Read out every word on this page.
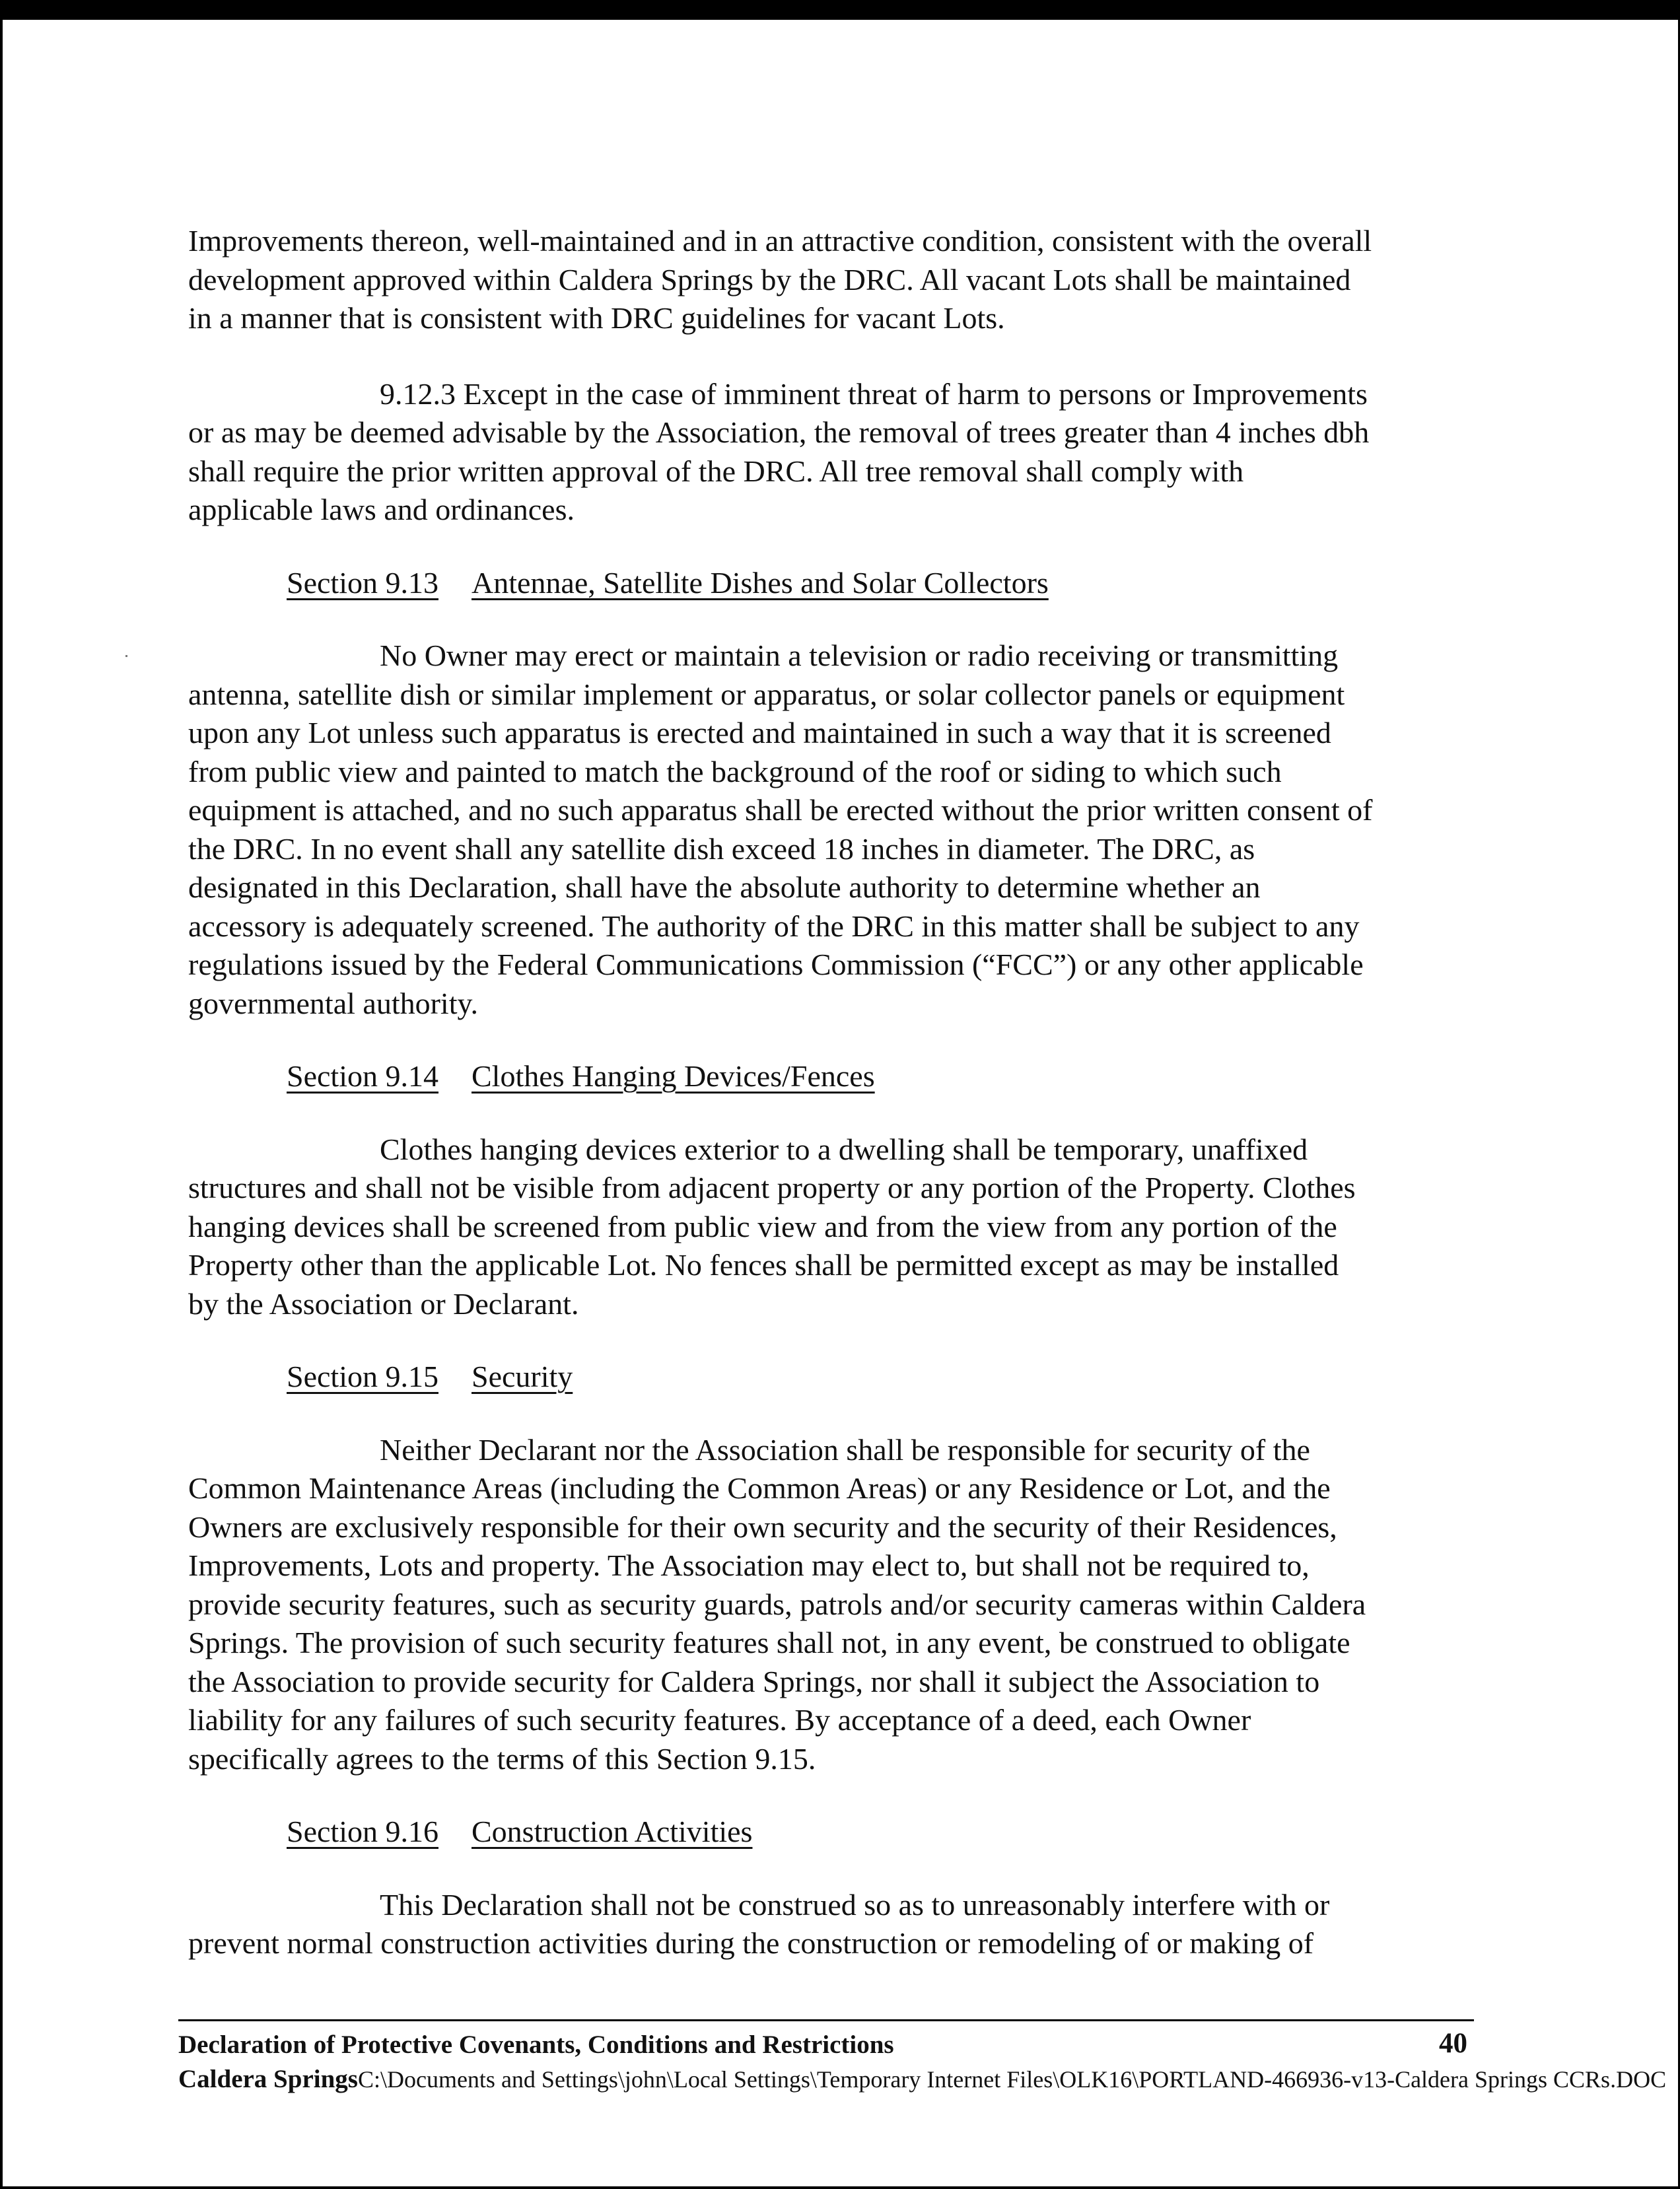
Improvements thereon, well-maintained and in an attractive condition, consistent with the overall
development approved within Caldera Springs by the DRC. All vacant Lots shall be maintained
in a manner that is consistent with DRC guidelines for vacant Lots.

9.12.3 Except in the case of imminent threat of harm to persons or Improvements
or as may be deemed advisable by the Association, the removal of trees greater than 4 inches dbh
shall require the prior written approval of the DRC. All tree removal shall comply with
applicable laws and ordinances.

Section 9.13 Antennae, Satellite Dishes and Solar Collectors

No Owner may erect or maintain a television or radio receiving or transmitting
antenna, satellite dish or similar implement or apparatus, or solar collector panels or equipment
upon any Lot unless such apparatus is erected and maintained in such a way that it is screened
from public view and painted to match the background of the roof or siding to which such
equipment is attached, and no such apparatus shall be erected without the prior written consent of
the DRC. In no event shall any satellite dish exceed 18 inches in diameter. The DRC, as
designated in this Declaration, shall have the absolute authority to determine whether an
accessory is adequately screened. The authority of the DRC in this matter shall be subject to any
regulations issued by the Federal Communications Commission (“FCC”) or any other applicable
governmental authority.

Section 9.14 Clothes Hanging Devices/Fences

Clothes hanging devices exterior to a dwelling shall be temporary, unaffixed
structures and shall not be visible from adjacent property or any portion of the Property. Clothes
hanging devices shall be screened from public view and from the view from any portion of the
Property other than the applicable Lot. No fences shall be permitted except as may be installed
by the Association or Declarant.

Section 9.15 Security

Neither Declarant nor the Association shall be responsible for security of the
Common Maintenance Areas (including the Common Areas) or any Residence or Lot, and the
Owners are exclusively responsible for their own security and the security of their Residences,
Improvements, Lots and property. The Association may elect to, but shall not be required to,
provide security features, such as security guards, patrols and/or security cameras within Caldera
Springs. The provision of such security features shall not, in any event, be construed to obligate
the Association to provide security for Caldera Springs, nor shall it subject the Association to
liability for any failures of such security features. By acceptance of a deed, each Owner
specifically agrees to the terms of this Section 9.15.

Section 9.16 Construction Activities

This Declaration shall not be construed so as to unreasonably interfere with or
prevent normal construction activities during the construction or remodeling of or making of

Declaration of Protective Covenants, Conditions and Restrictions	40
Caldera SpringsC:\Documents and Settings\john\Local Settings\Temporary Internet Files\OLK16\PORTLAND-466936-v13-Caldera Springs CCRs.DOC
